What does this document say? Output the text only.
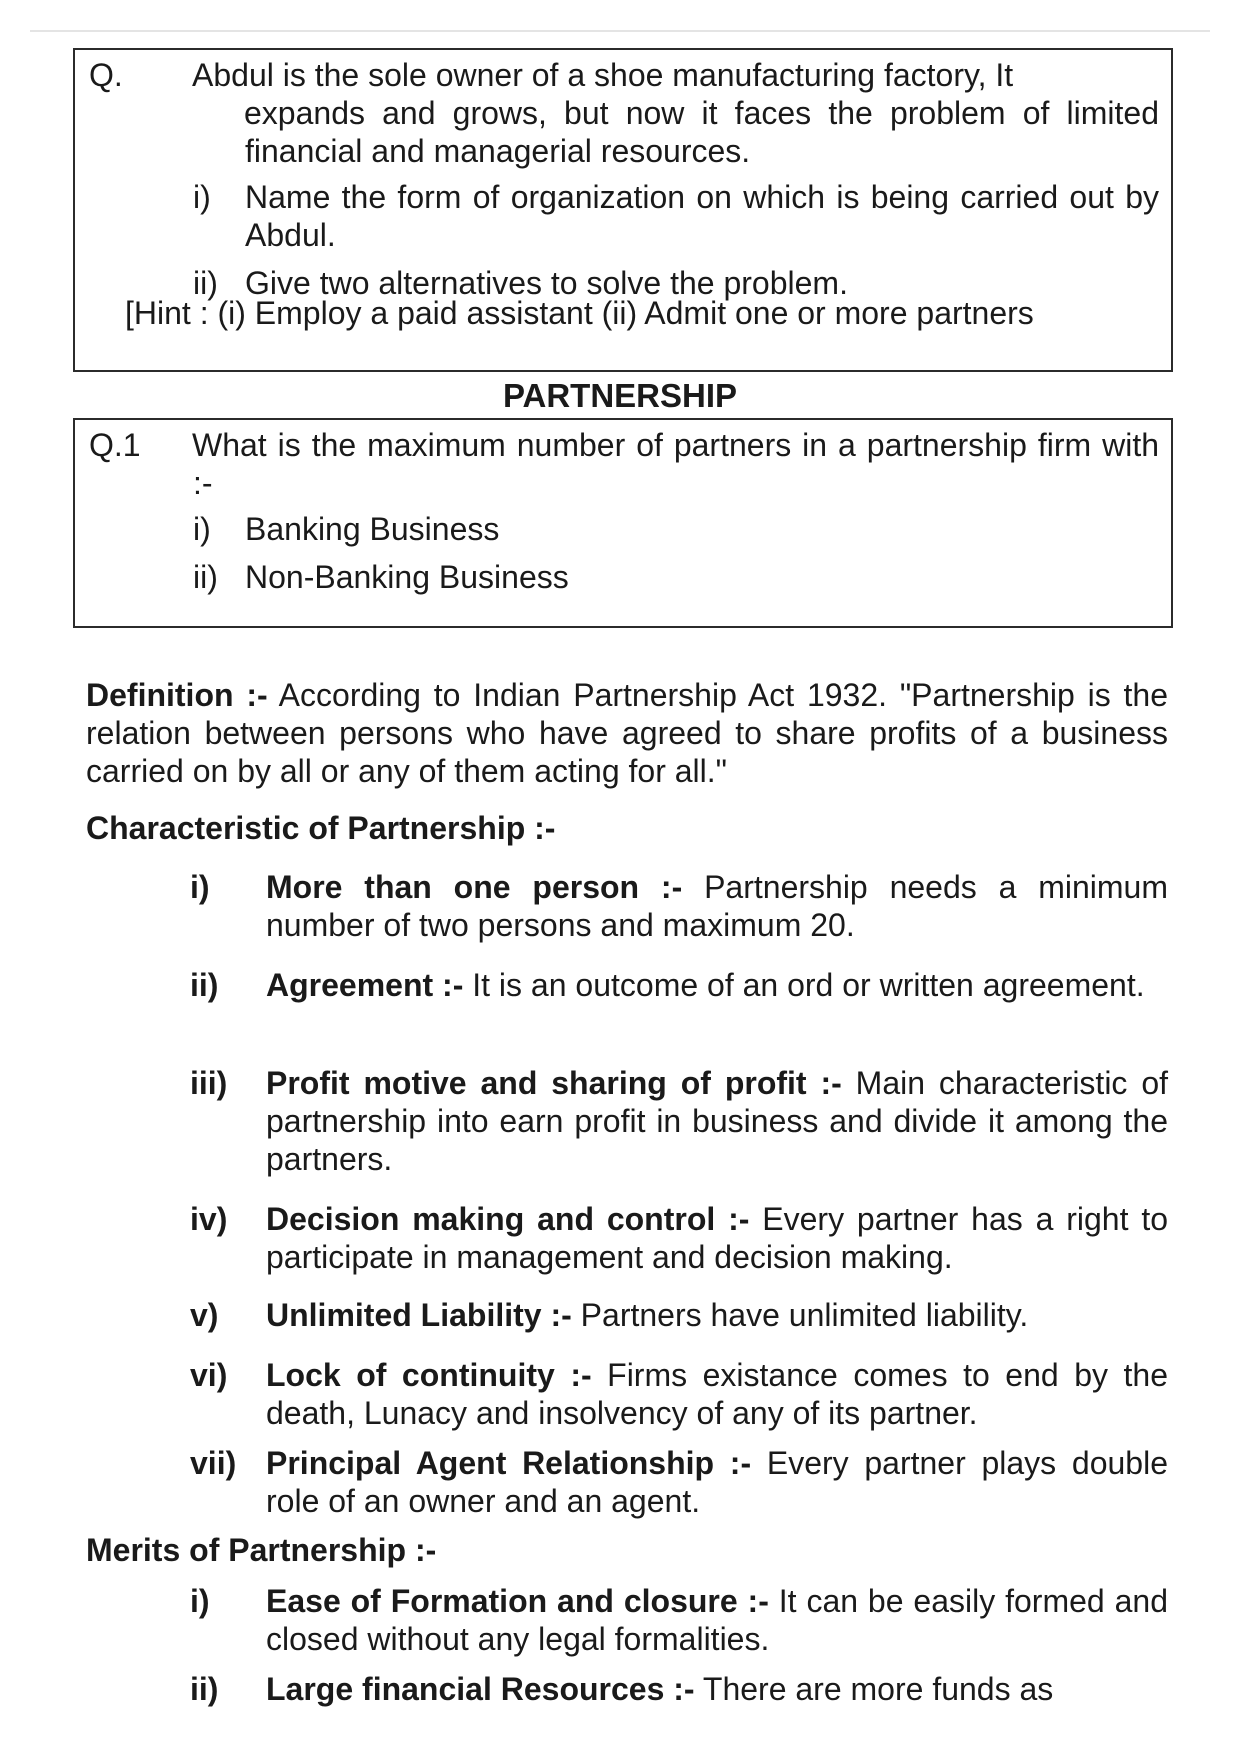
Q. Abdul is the sole owner of a shoe manufacturing factory, It
expands and grows, but now it faces the problem of limited financial and managerial resources.
i) Name the form of organization on which is being carried out by Abdul.
ii) Give two alternatives to solve the problem.
[Hint : (i) Employ a paid assistant (ii) Admit one or more partners
PARTNERSHIP
Q.1 What is the maximum number of partners in a partnership firm with :-
i) Banking Business
ii) Non-Banking Business
Definition :- According to Indian Partnership Act 1932. "Partnership is the relation between persons who have agreed to share profits of a business carried on by all or any of them acting for all."
Characteristic of Partnership :-
i) More than one person :- Partnership needs a minimum number of two persons and maximum 20.
ii) Agreement :- It is an outcome of an ord or written agreement.
iii) Profit motive and sharing of profit :- Main characteristic of partnership into earn profit in business and divide it among the partners.
iv) Decision making and control :- Every partner has a right to participate in management and decision making.
v) Unlimited Liability :- Partners have unlimited liability.
vi) Lock of continuity :- Firms existance comes to end by the death, Lunacy and insolvency of any of its partner.
vii) Principal Agent Relationship :- Every partner plays double role of an owner and an agent.
Merits of Partnership :-
i) Ease of Formation and closure :- It can be easily formed and closed without any legal formalities.
ii) Large financial Resources :- There are more funds as
